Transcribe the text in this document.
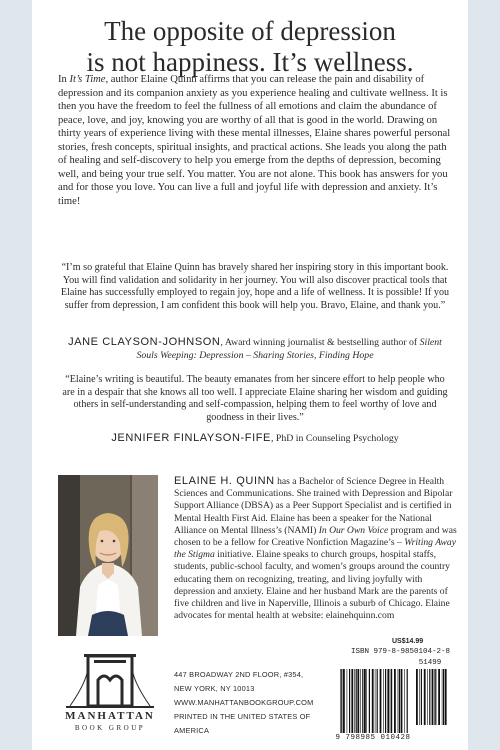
The opposite of depression
is not happiness. It’s wellness.
In It’s Time, author Elaine Quinn affirms that you can release the pain and disability of depression and its companion anxiety as you experience healing and cultivate wellness. It is then you have the freedom to feel the fullness of all emotions and claim the abundance of peace, love, and joy, knowing you are worthy of all that is good in the world. Drawing on thirty years of experience living with these mental illnesses, Elaine shares powerful personal stories, fresh concepts, spiritual insights, and practical actions. She leads you along the path of healing and self-discovery to help you emerge from the depths of depression, becoming well, and being your true self. You matter. You are not alone. This book has answers for you and for those you love. You can live a full and joyful life with depression and anxiety. It’s time!
“I’m so grateful that Elaine Quinn has bravely shared her inspiring story in this important book. You will find validation and solidarity in her journey. You will also discover practical tools that Elaine has successfully employed to regain joy, hope and a life of wellness. It is possible! If you suffer from depression, I am confident this book will help you. Bravo, Elaine, and thank you.”
JANE CLAYSON-JOHNSON, Award winning journalist & bestselling author of Silent Souls Weeping: Depression – Sharing Stories, Finding Hope
“Elaine’s writing is beautiful. The beauty emanates from her sincere effort to help people who are in a despair that she knows all too well. I appreciate Elaine sharing her wisdom and guiding others in self-understanding and self-compassion, helping them to feel worthy of love and goodness in their lives.”
JENNIFER FINLAYSON-FIFE, PhD in Counseling Psychology
ELAINE H. QUINN has a Bachelor of Science Degree in Health Sciences and Communications. She trained with Depression and Bipolar Support Alliance (DBSA) as a Peer Support Specialist and is certified in Mental Health First Aid. Elaine has been a speaker for the National Alliance on Mental Illness’s (NAMI) In Our Own Voice program and was chosen to be a fellow for Creative Nonfiction Magazine’s – Writing Away the Stigma initiative. Elaine speaks to church groups, hospital staffs, students, public-school faculty, and women’s groups around the country educating them on recognizing, treating, and living joyfully with depression and anxiety. Elaine and her husband Mark are the parents of five children and live in Naperville, Illinois a suburb of Chicago. Elaine advocates for mental health at website: elainehquinn.com
MANHATTAN
BOOK GROUP
447 BROADWAY 2ND FLOOR, #354,
NEW YORK, NY 10013
WWW.MANHATTANBOOKGROUP.COM
PRINTED IN THE UNITED STATES OF AMERICA
US$14.99
ISBN 979-8-9850104-2-8
51499
9 798985 010428
